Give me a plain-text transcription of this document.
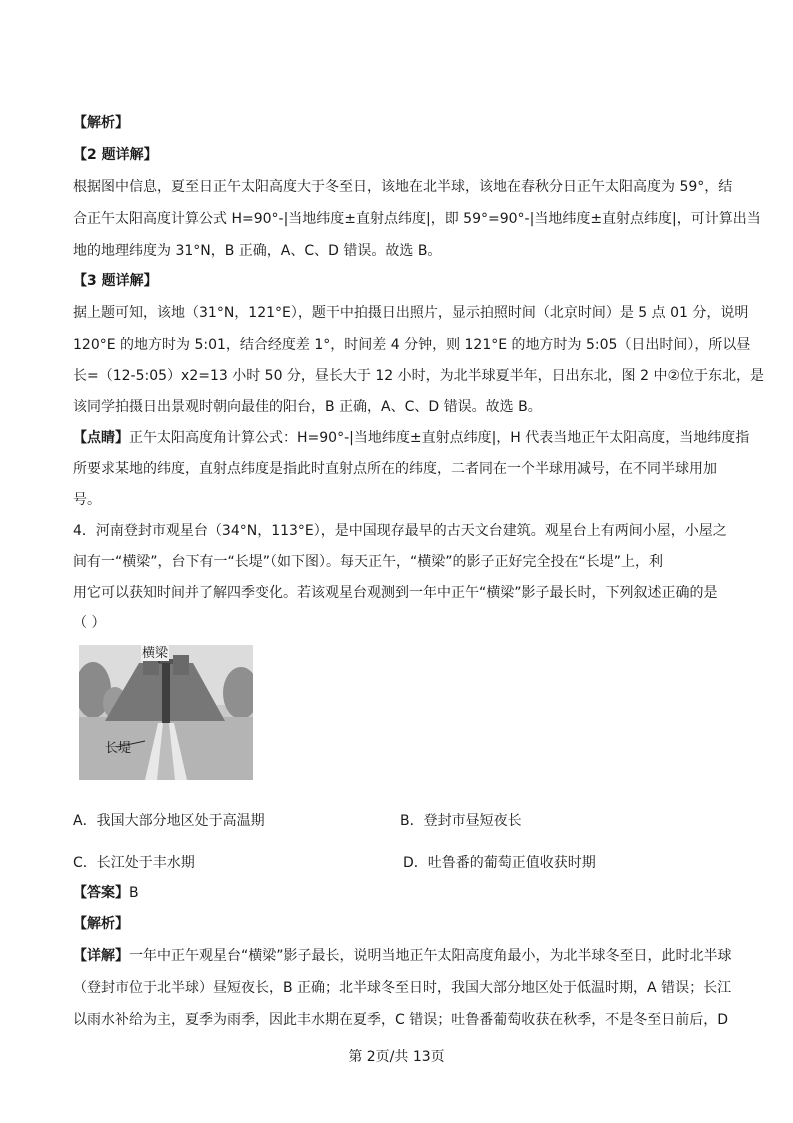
【解析】
【2 题详解】
根据图中信息，夏至日正午太阳高度大于冬至日，该地在北半球，该地在春秋分日正午太阳高度为 59°，结
合正午太阳高度计算公式 H=90°-|当地纬度±直射点纬度|，即 59°=90°-|当地纬度±直射点纬度|，可计算出当
地的地理纬度为 31°N，B 正确，A、C、D 错误。故选 B。
【3 题详解】
据上题可知，该地（31°N，121°E），题干中拍摄日出照片，显示拍照时间（北京时间）是 5 点 01 分，说明
120°E 的地方时为 5:01，结合经度差 1°，时间差 4 分钟，则 121°E 的地方时为 5:05（日出时间），所以昼
长=（12-5:05）x2=13 小时 50 分，昼长大于 12 小时，为北半球夏半年，日出东北，图 2 中②位于东北，是
该同学拍摄日出景观时朝向最佳的阳台，B 正确，A、C、D 错误。故选 B。
【点睛】正午太阳高度角计算公式：H=90°-|当地纬度±直射点纬度|，H 代表当地正午太阳高度，当地纬度指
所要求某地的纬度，直射点纬度是指此时直射点所在的纬度，二者同在一个半球用减号，在不同半球用加
号。
4．河南登封市观星台（34°N，113°E），是中国现存最早的古天文台建筑。观星台上有两间小屋，小屋之
间有一“横梁”，台下有一“长堤”（如下图）。每天正午，“横梁”的影子正好完全投在“长堤”上，利
用它可以获知时间并了解四季变化。若该观星台观测到一年中正午“横梁”影子最长时，下列叙述正确的是
（ ）
横梁
长堤
A．我国大部分地区处于高温期	B．登封市昼短夜长
C．长江处于丰水期	D．吐鲁番的葡萄正值收获时期
【答案】B
【解析】
【详解】一年中正午观星台“横梁”影子最长，说明当地正午太阳高度角最小，为北半球冬至日，此时北半球
（登封市位于北半球）昼短夜长，B 正确；北半球冬至日时，我国大部分地区处于低温时期，A 错误；长江
以雨水补给为主，夏季为雨季，因此丰水期在夏季，C 错误；吐鲁番葡萄收获在秋季，不是冬至日前后，D
第 2页/共 13页
